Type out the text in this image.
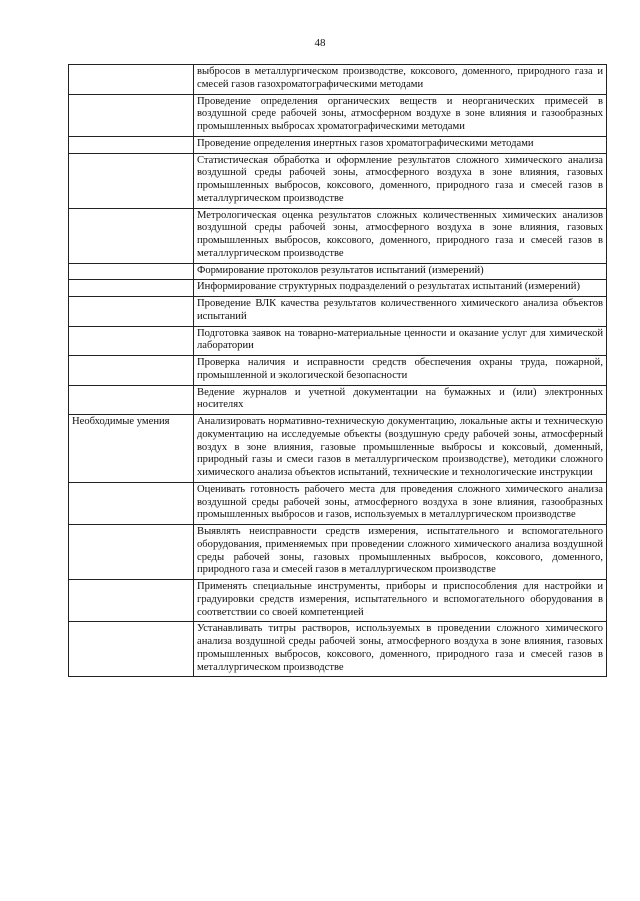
48
	выбросов в металлургическом производстве, коксового, доменного, природного газа и смесей газов газохроматографическими методами
	Проведение определения органических веществ и неорганических примесей в воздушной среде рабочей зоны, атмосферном воздухе в зоне влияния и газообразных промышленных выбросах хроматографическими методами
	Проведение определения инертных газов хроматографическими методами
	Статистическая обработка и оформление результатов сложного химического анализа воздушной среды рабочей зоны, атмосферного воздуха в зоне влияния, газовых промышленных выбросов, коксового, доменного, природного газа и смесей газов в металлургическом производстве
	Метрологическая оценка результатов сложных количественных химических анализов воздушной среды рабочей зоны, атмосферного воздуха в зоне влияния, газовых промышленных выбросов, коксового, доменного, природного газа и смесей газов в металлургическом производстве
	Формирование протоколов результатов испытаний (измерений)
	Информирование структурных подразделений о результатах испытаний (измерений)
	Проведение ВЛК качества результатов количественного химического анализа объектов испытаний
	Подготовка заявок на товарно-материальные ценности и оказание услуг для химической лаборатории
	Проверка наличия и исправности средств обеспечения охраны труда, пожарной, промышленной и экологической безопасности
	Ведение журналов и учетной документации на бумажных и (или) электронных носителях
Необходимые умения	Анализировать нормативно-техническую документацию, локальные акты и техническую документацию на исследуемые объекты (воздушную среду рабочей зоны, атмосферный воздух в зоне влияния, газовые промышленные выбросы и коксовый, доменный, природный газы и смеси газов в металлургическом производстве), методики сложного химического анализа объектов испытаний, технические и технологические инструкции
	Оценивать готовность рабочего места для проведения сложного химического анализа воздушной среды рабочей зоны, атмосферного воздуха в зоне влияния, газообразных промышленных выбросов и газов, используемых в металлургическом производстве
	Выявлять неисправности средств измерения, испытательного и вспомогательного оборудования, применяемых при проведении сложного химического анализа воздушной среды рабочей зоны, газовых промышленных выбросов, коксового, доменного, природного газа и смесей газов в металлургическом производстве
	Применять специальные инструменты, приборы и приспособления для настройки и градуировки средств измерения, испытательного и вспомогательного оборудования в соответствии со своей компетенцией
	Устанавливать титры растворов, используемых в проведении сложного химического анализа воздушной среды рабочей зоны, атмосферного воздуха в зоне влияния, газовых промышленных выбросов, коксового, доменного, природного газа и смесей газов в металлургическом производстве
